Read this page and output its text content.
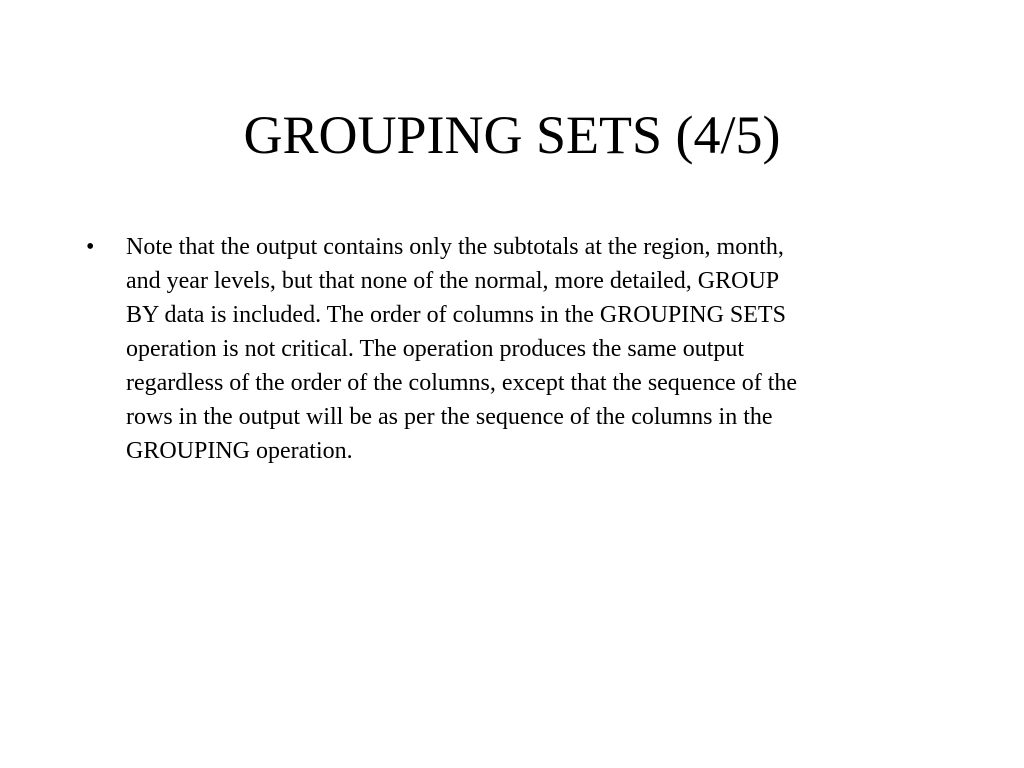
GROUPING SETS (4/5)
•	Note that the output contains only the subtotals at the region, month,
and year levels, but that none of the normal, more detailed, GROUP
BY data is included. The order of columns in the GROUPING SETS
operation is not critical. The operation produces the same output
regardless of the order of the columns, except that the sequence of the
rows in the output will be as per the sequence of the columns in the
GROUPING operation.
